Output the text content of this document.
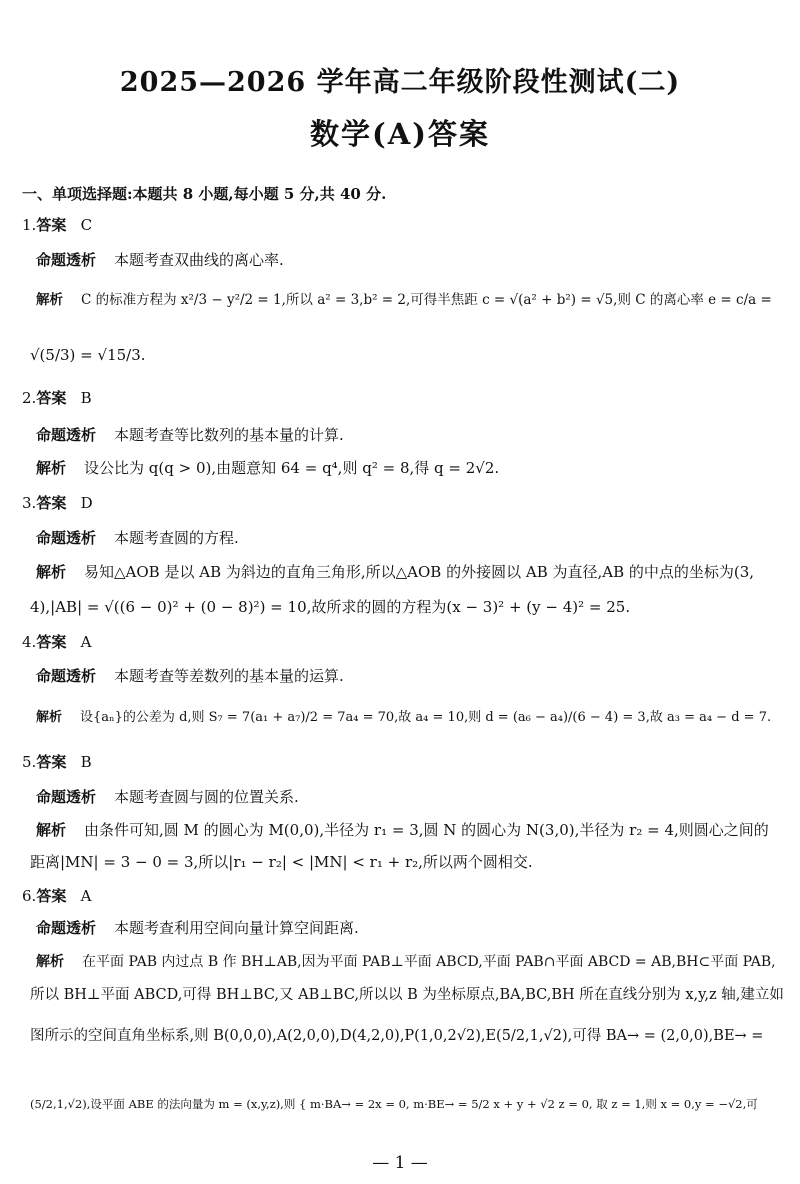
2025—2026 学年高二年级阶段性测试(二)
数学(A)答案
一、单项选择题:本题共 8 小题,每小题 5 分,共 40 分.
1.答案 C
命题透析 本题考查双曲线的离心率.
解析 C 的标准方程为 x²/3 − y²/2 = 1,所以 a² = 3,b² = 2,可得半焦距 c = √(a² + b²) = √5,则 C 的离心率 e = c/a =
√(5/3) = √15/3.
2.答案 B
命题透析 本题考查等比数列的基本量的计算.
解析 设公比为 q(q > 0),由题意知 64 = q⁴,则 q² = 8,得 q = 2√2.
3.答案 D
命题透析 本题考查圆的方程.
解析 易知△AOB 是以 AB 为斜边的直角三角形,所以△AOB 的外接圆以 AB 为直径,AB 的中点的坐标为(3,
4),|AB| = √((6 − 0)² + (0 − 8)²) = 10,故所求的圆的方程为(x − 3)² + (y − 4)² = 25.
4.答案 A
命题透析 本题考查等差数列的基本量的运算.
解析 设{aₙ}的公差为 d,则 S₇ = 7(a₁ + a₇)/2 = 7a₄ = 70,故 a₄ = 10,则 d = (a₆ − a₄)/(6 − 4) = 3,故 a₃ = a₄ − d = 7.
5.答案 B
命题透析 本题考查圆与圆的位置关系.
解析 由条件可知,圆 M 的圆心为 M(0,0),半径为 r₁ = 3,圆 N 的圆心为 N(3,0),半径为 r₂ = 4,则圆心之间的
距离|MN| = 3 − 0 = 3,所以|r₁ − r₂| < |MN| < r₁ + r₂,所以两个圆相交.
6.答案 A
命题透析 本题考查利用空间向量计算空间距离.
解析 在平面 PAB 内过点 B 作 BH⊥AB,因为平面 PAB⊥平面 ABCD,平面 PAB∩平面 ABCD = AB,BH⊂平面 PAB,
所以 BH⊥平面 ABCD,可得 BH⊥BC,又 AB⊥BC,所以以 B 为坐标原点,BA,BC,BH 所在直线分别为 x,y,z 轴,建立如
图所示的空间直角坐标系,则 B(0,0,0),A(2,0,0),D(4,2,0),P(1,0,2√2),E(5/2,1,√2),可得 BA→ = (2,0,0),BE→ =
(5/2,1,√2),设平面 ABE 的法向量为 m = (x,y,z),则 { m·BA→ = 2x = 0, m·BE→ = 5/2 x + y + √2 z = 0, 取 z = 1,则 x = 0,y = −√2,可
— 1 —
